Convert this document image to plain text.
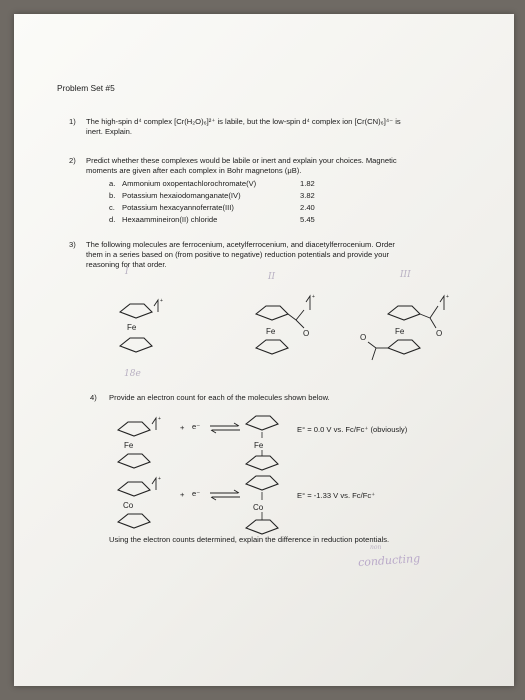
Problem Set #5
1) The high-spin d⁴ complex [Cr(H₂O)₆]²⁺ is labile, but the low-spin d⁴ complex ion [Cr(CN)₆]⁴⁻ is
inert. Explain.
2) Predict whether these complexes would be labile or inert and explain your choices. Magnetic
moments are given after each complex in Bohr magnetons (μB).
a. Ammonium oxopentachlorochromate(V)	1.82
b. Potassium hexaiodomanganate(IV)	3.82
c. Potassium hexacyannoferrate(III)	2.40
d. Hexaammineiron(II) chloride	5.45
3) The following molecules are ferrocenium, acetylferrocenium, and diacetylferrocenium. Order
them in a series based on (from positive to negative) reduction potentials and provide your
reasoning for that order.
I	II	III
+
Fe
+
O
Fe
+
O
Fe
O
18e
4) Provide an electron count for each of the molecules shown below.
+
Fe
+ e⁻ ⇌
Fe
E° = 0.0 V vs. Fc/Fc⁺ (obviously)
+
Co
+ e⁻ ⇌
Co
E° = -1.33 V vs. Fc/Fc⁺
Using the electron counts determined, explain the difference in reduction potentials.
non
conducting
